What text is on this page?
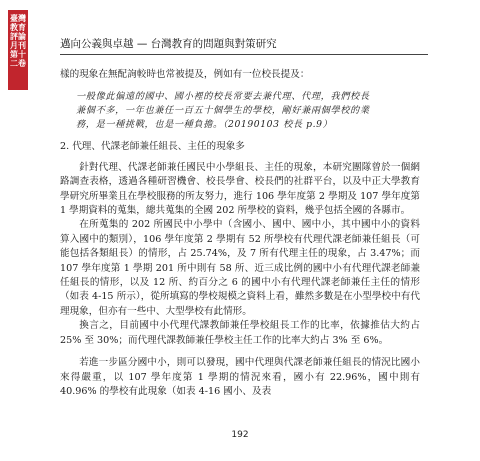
臺灣教育評論
月刊
第十二卷
邁向公義與卓越 — 台灣教育的問題與對策研究

樣的現象在無配詢較時也常被提及，例如有一位校長提及：

一般像此偏遠的國中、國小裡的校長常要去兼代理、代理，我們校長兼個不多，一年也兼任一百五十個學生的學校，剛好兼兩個學校的業務，是一種挑戰，也是一種負擔。（20190103 校長 p.9）

2. 代理、代課老師兼任組長、主任的現象多

針對代理、代課老師兼任國民中小學組長、主任的現象，本研究團隊曾於一個網路調查表格，透過各種研習機會、校長學會、校長們的社群平台，以及中正大學教育學研究所畢業且在學校服務的所友努力，進行 106 學年度第 2 學期及 107 學年度第 1 學期資料的蒐集，總共蒐集的全國 202 所學校的資料，幾乎包括全國的各縣市。

在所蒐集的 202 所國民中小學中（含國小、國中、國中小，其中國中小的資料算入國中的類別），106 學年度第 2 學期有 52 所學校有代理代課老師兼任組長（可能包括各類組長）的情形，占 25.74%，及 7 所有代理主任的現象，占 3.47%；而 107 學年度第 1 學期 201 所中則有 58 所、近三成比例的國中小有代理代課老師兼任組長的情形，以及 12 所、約百分之 6 的國中小有代理代課老師兼任主任的情形（如表 4-15 所示），從所填寫的學校規模之資料上看，雖然多數是在小型學校中有代理現象，但亦有一些中、大型學校有此情形。

換言之，目前國中小代理代課教師兼任學校組長工作的比率，依據推估大約占 25% 至 30%；而代理代課教師兼任學校主任工作的比率大約占 3% 至 6%。

若進一步區分國中小，則可以發現，國中代理與代課老師兼任組長的情況比國小來得嚴重，以 107 學年度第 1 學期的情況來看，國小有 22.96%，國中則有 40.96% 的學校有此現象（如表 4-16 國小、及表

192
